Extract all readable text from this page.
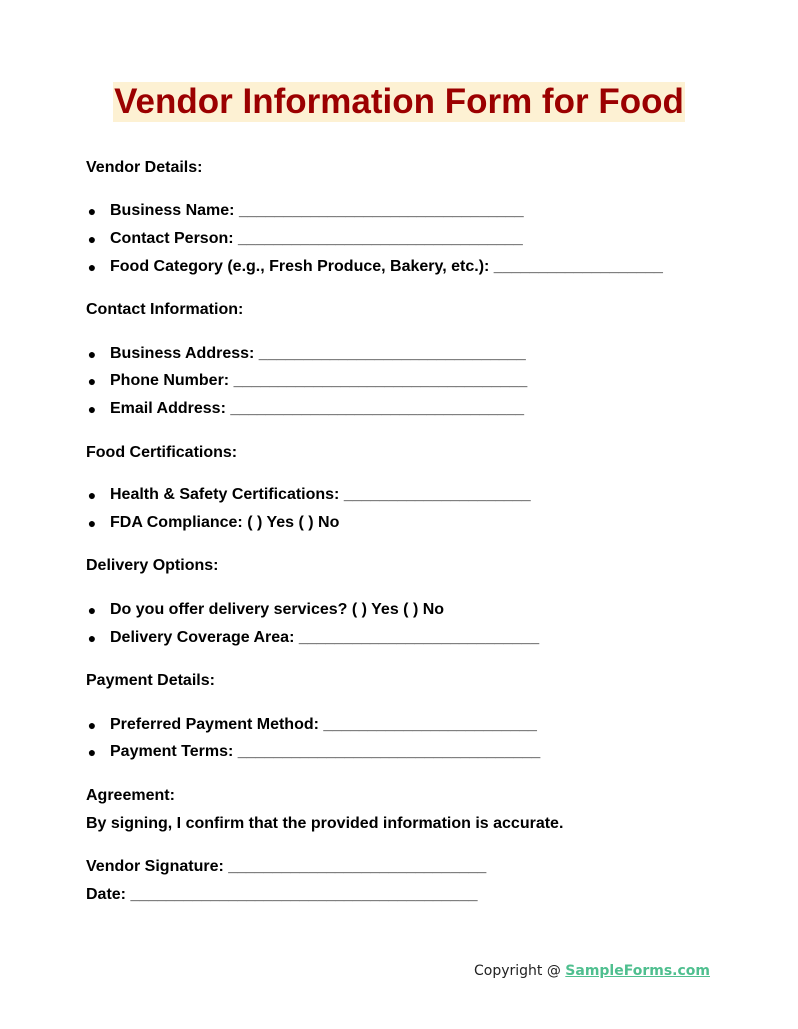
Vendor Information Form for Food
Vendor Details:
● Business Name: ________________________________
● Contact Person: ________________________________
● Food Category (e.g., Fresh Produce, Bakery, etc.): ___________________
Contact Information:
● Business Address: ______________________________
● Phone Number: _________________________________
● Email Address: _________________________________
Food Certifications:
● Health & Safety Certifications: _____________________
● FDA Compliance: ( ) Yes ( ) No
Delivery Options:
● Do you offer delivery services? ( ) Yes ( ) No
● Delivery Coverage Area: ___________________________
Payment Details:
● Preferred Payment Method: ________________________
● Payment Terms: __________________________________
Agreement:
By signing, I confirm that the provided information is accurate.
Vendor Signature: _____________________________
Date: _______________________________________
Copyright @ SampleForms.com
